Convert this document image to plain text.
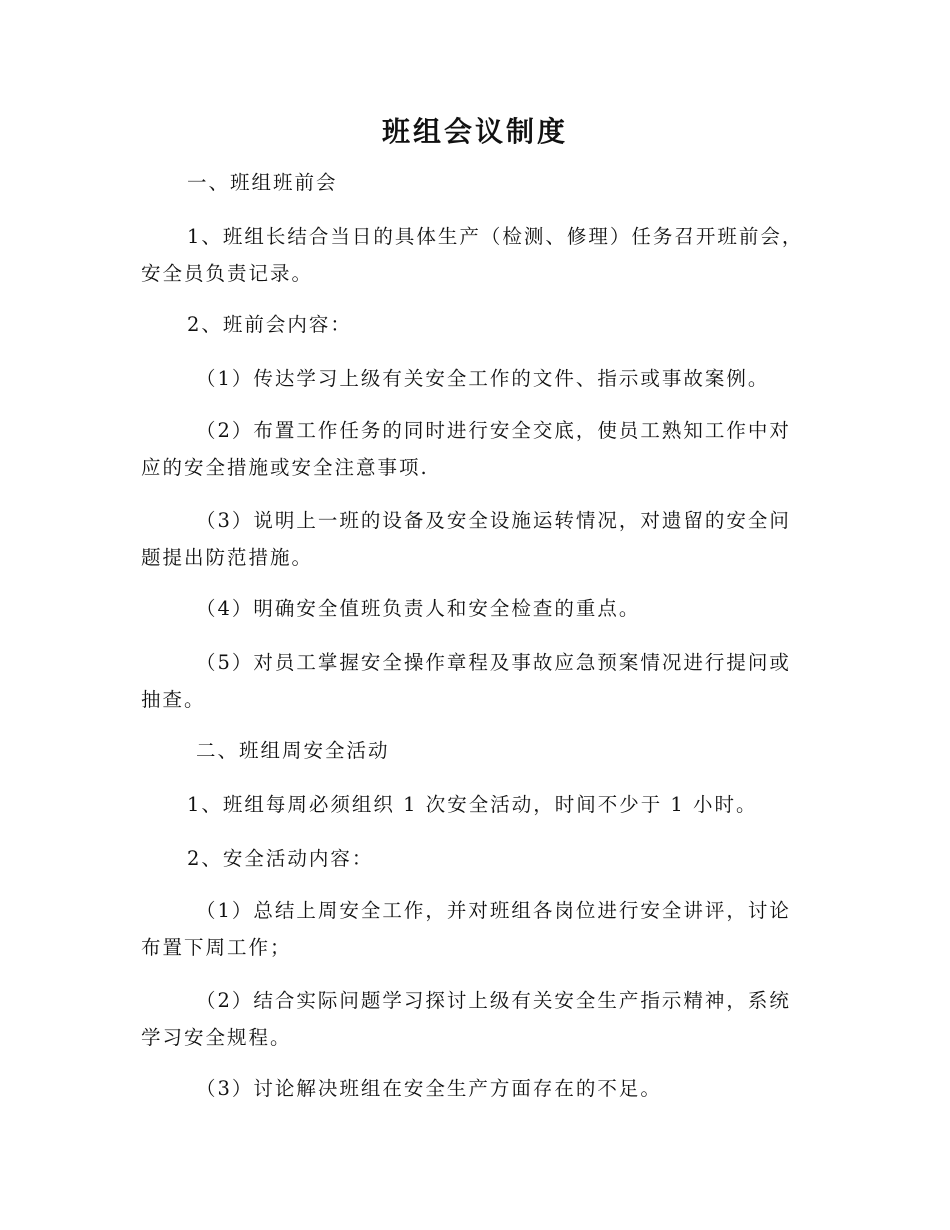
班组会议制度
一、班组班前会
1、班组长结合当日的具体生产（检测、修理）任务召开班前会，
安全员负责记录。
2、班前会内容：
（1）传达学习上级有关安全工作的文件、指示或事故案例。
（2）布置工作任务的同时进行安全交底，使员工熟知工作中对
应的安全措施或安全注意事项.
（3）说明上一班的设备及安全设施运转情况，对遗留的安全问
题提出防范措施。
（4）明确安全值班负责人和安全检查的重点。
（5）对员工掌握安全操作章程及事故应急预案情况进行提问或
抽查。
二、班组周安全活动
1、班组每周必须组织 1 次安全活动，时间不少于 1 小时。
2、安全活动内容：
（1）总结上周安全工作，并对班组各岗位进行安全讲评，讨论
布置下周工作；
（2）结合实际问题学习探讨上级有关安全生产指示精神，系统
学习安全规程。
（3）讨论解决班组在安全生产方面存在的不足。
